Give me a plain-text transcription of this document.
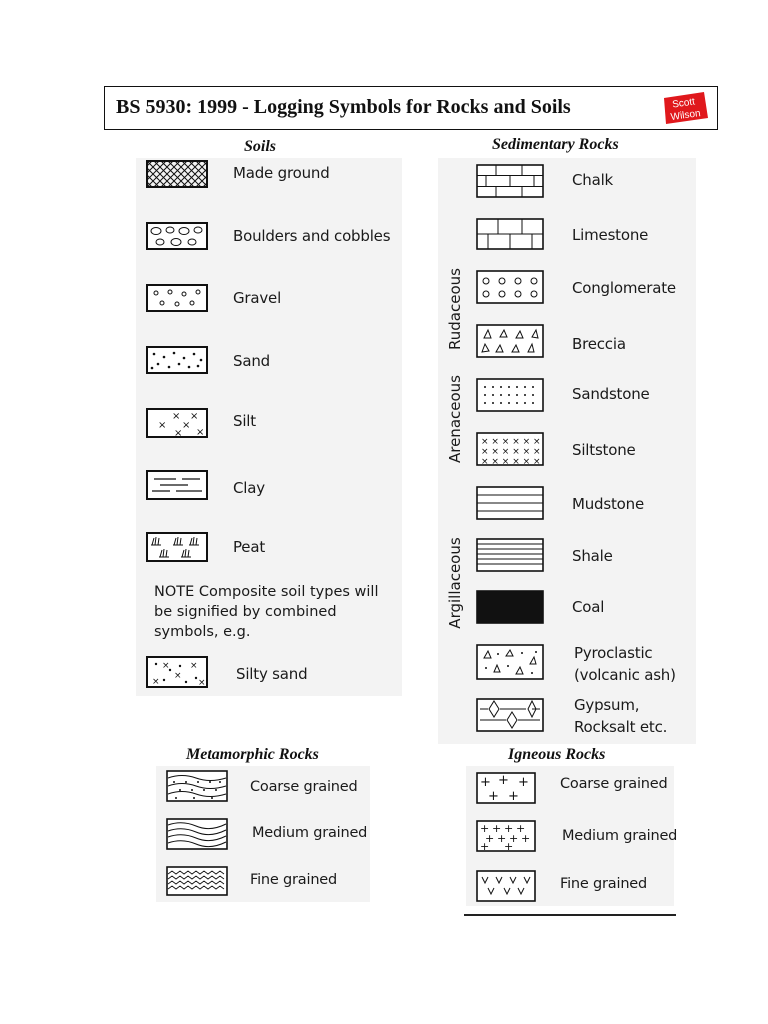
BS 5930: 1999 - Logging Symbols for Rocks and Soils	Scott
Wilson
Soils	Sedimentary Rocks
Metamorphic Rocks	Igneous Rocks
Made ground
Boulders and cobbles
Gravel
Sand
× ×
× ×
× ×
Silt
Clay
Peat
NOTE Composite soil types will
be signified by combined
symbols, e.g.
× ×
×
×	× Silty sand
Chalk
Limestone
Conglomerate
Breccia
Sandstone
× × × × × ×
× × × × × ×
× × × × × ×
Siltstone
Mudstone
Shale
Coal
Pyroclastic
(volcanic ash)
Gypsum,
Rocksalt etc.
Rudaceous
Arenaceous
Argillaceous
Coarse grained
Medium grained
Fine grained
+ + +
+ +
Coarse grained
+ + + +
+ + + +
+ +
Medium grained
Fine grained
